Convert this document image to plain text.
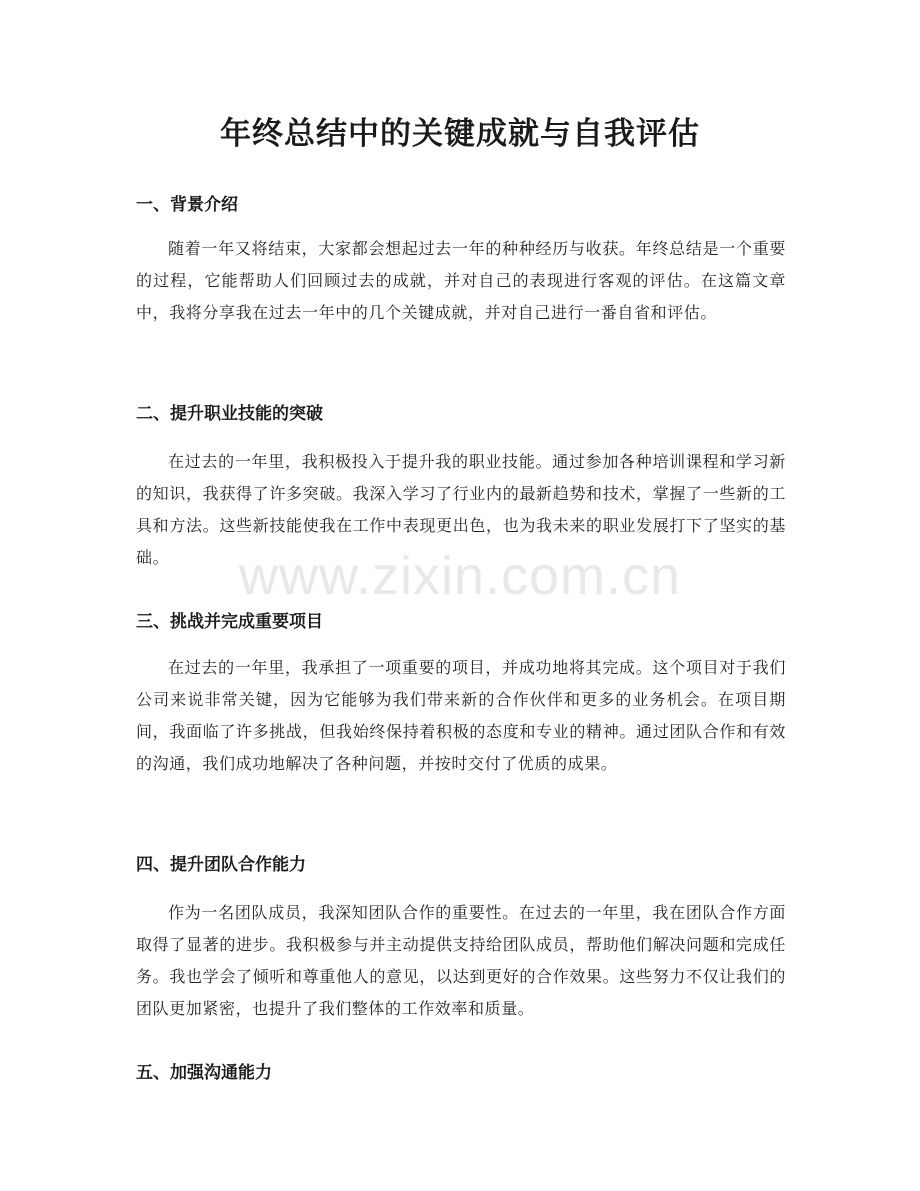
年终总结中的关键成就与自我评估
一、背景介绍

随着一年又将结束，大家都会想起过去一年的种种经历与收获。年终总结是一个重要的过程，它能帮助人们回顾过去的成就，并对自己的表现进行客观的评估。在这篇文章中，我将分享我在过去一年中的几个关键成就，并对自己进行一番自省和评估。

二、提升职业技能的突破

在过去的一年里，我积极投入于提升我的职业技能。通过参加各种培训课程和学习新的知识，我获得了许多突破。我深入学习了行业内的最新趋势和技术，掌握了一些新的工具和方法。这些新技能使我在工作中表现更出色，也为我未来的职业发展打下了坚实的基础。

三、挑战并完成重要项目

在过去的一年里，我承担了一项重要的项目，并成功地将其完成。这个项目对于我们公司来说非常关键，因为它能够为我们带来新的合作伙伴和更多的业务机会。在项目期间，我面临了许多挑战，但我始终保持着积极的态度和专业的精神。通过团队合作和有效的沟通，我们成功地解决了各种问题，并按时交付了优质的成果。

四、提升团队合作能力

作为一名团队成员，我深知团队合作的重要性。在过去的一年里，我在团队合作方面取得了显著的进步。我积极参与并主动提供支持给团队成员，帮助他们解决问题和完成任务。我也学会了倾听和尊重他人的意见，以达到更好的合作效果。这些努力不仅让我们的团队更加紧密，也提升了我们整体的工作效率和质量。

五、加强沟通能力
www.zixin.com.cn
